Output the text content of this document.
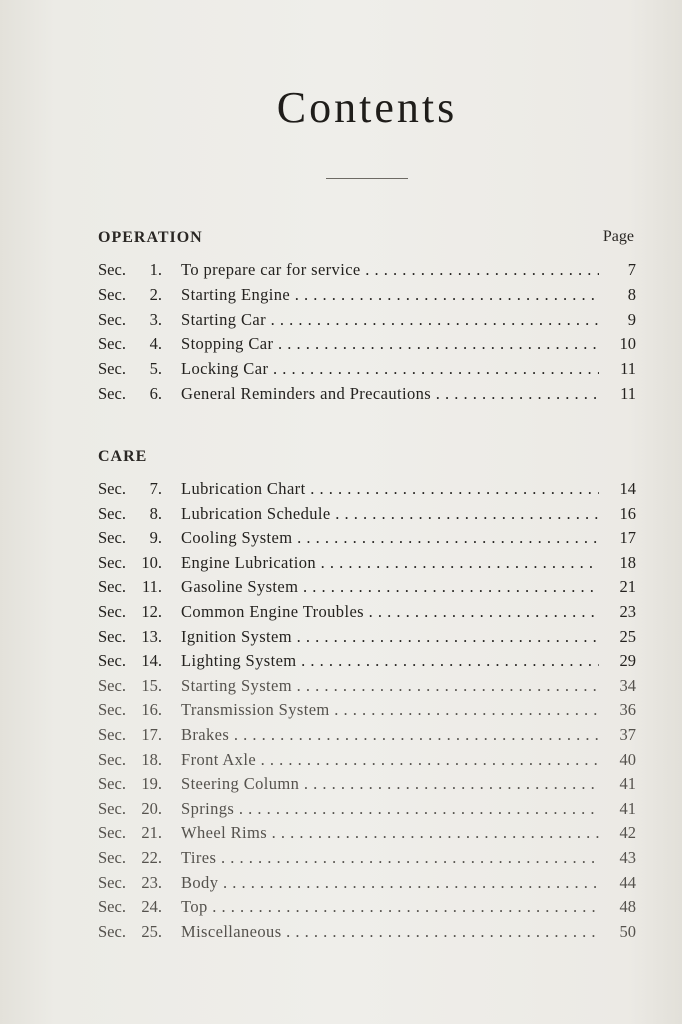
Contents
OPERATION	Page
Sec.	1. To prepare car for service . . .	7
Sec.	2. Starting Engine . . .	8
Sec.	3. Starting Car . . .	9
Sec.	4. Stopping Car . . .	10
Sec.	5. Locking Car . . .	11
Sec.	6. General Reminders and Precautions . . .	11
CARE
Sec.	7. Lubrication Chart . . .	14
Sec.	8. Lubrication Schedule . . .	16
Sec.	9. Cooling System . . .	17
Sec. 10. Engine Lubrication . . .	18
Sec. 11. Gasoline System . . .	21
Sec. 12. Common Engine Troubles . . .	23
Sec. 13. Ignition System . . .	25
Sec. 14. Lighting System . . .	29
Sec. 15. Starting System . . .	34
Sec. 16. Transmission System . . .	36
Sec. 17. Brakes . . .	37
Sec. 18. Front Axle . . .	40
Sec. 19. Steering Column . . .	41
Sec. 20. Springs . . .	41
Sec. 21. Wheel Rims . . .	42
Sec. 22. Tires . . .	43
Sec. 23. Body . . .	44
Sec. 24. Top . . .	48
Sec. 25. Miscellaneous . . .	50
